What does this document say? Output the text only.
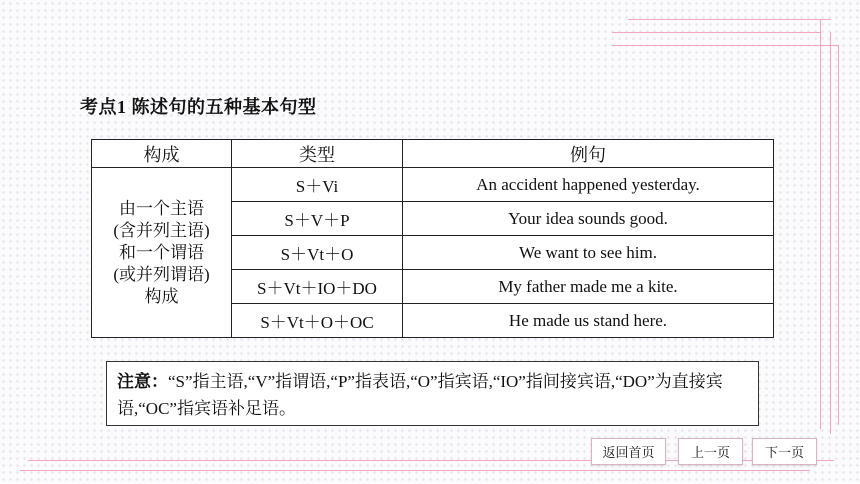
考点1 陈述句的五种基本句型
构成	类型	例句

由一个主语
(含并列主语)
和一个谓语
(或并列谓语)
构成	S＋Vi	An accident happened yesterday.
	S＋V＋P	Your idea sounds good.
	S＋Vt＋O	We want to see him.
	S＋Vt＋IO＋DO	My father made me a kite.
	S＋Vt＋O＋OC	He made us stand here.
注意：“S”指主语,“V”指谓语,“P”指表语,“O”指宾语,“IO”指间接宾语,“DO”为直接宾语,“OC”指宾语补足语。
返回首页	上一页	下一页
